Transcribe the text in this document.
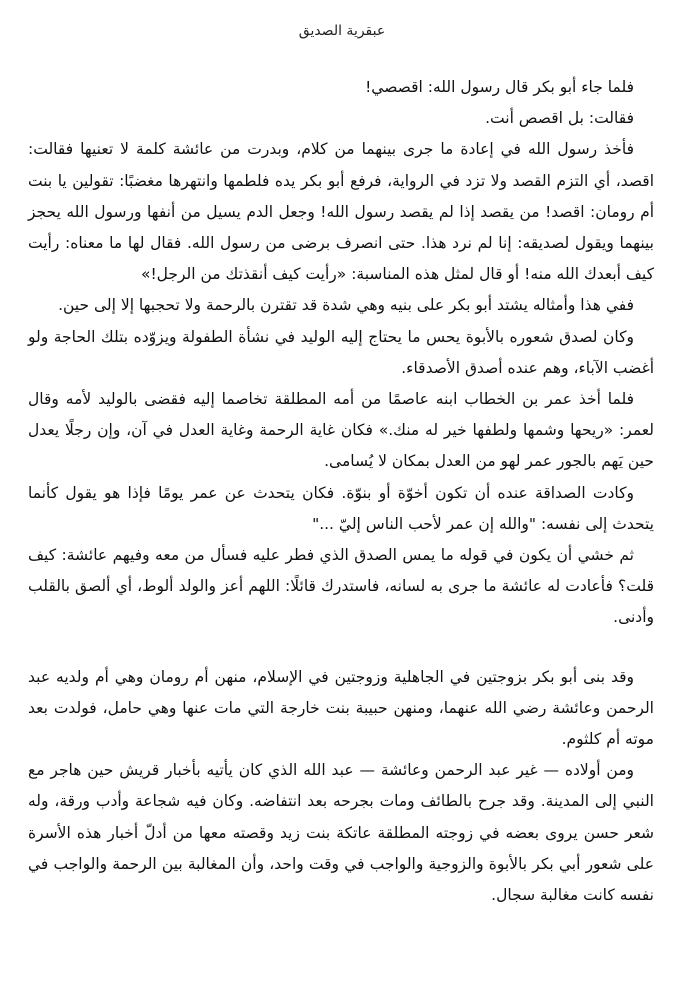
عبقرية الصديق

فلما جاء أبو بكر قال رسول الله: اقصصي!

فقالت: بل اقصص أنت.

فأخذ رسول الله في إعادة ما جرى بينهما من كلام، وبدرت من عائشة كلمة لا تعنيها فقالت: اقصد، أي التزم القصد ولا تزد في الرواية، فرفع أبو بكر يده فلطمها وانتهرها مغضبًا: تقولين يا بنت أم رومان: اقصد! من يقصد إذا لم يقصد رسول الله! وجعل الدم يسيل من أنفها ورسول الله يحجز بينهما ويقول لصديقه: إنا لم نرد هذا. حتى انصرف برضى من رسول الله. فقال لها ما معناه: رأيت كيف أبعدك الله منه! أو قال لمثل هذه المناسبة: «رأيت كيف أنقذتك من الرجل!»

ففي هذا وأمثاله يشتد أبو بكر على بنيه وهي شدة قد تقترن بالرحمة ولا تحجبها إلا إلى حين.

وكان لصدق شعوره بالأبوة يحس ما يحتاج إليه الوليد في نشأة الطفولة ويزوّده بتلك الحاجة ولو أغضب الآباء، وهم عنده أصدق الأصدقاء.

فلما أخذ عمر بن الخطاب ابنه عاصمًا من أمه المطلقة تخاصما إليه فقضى بالوليد لأمه وقال لعمر: «ريحها وشمها ولطفها خير له منك.» فكان غاية الرحمة وغاية العدل في آن، وإن رجلًا يعدل حين يَهم بالجور عمر لهو من العدل بمكان لا يُسامى.

وكادت الصداقة عنده أن تكون أخوّة أو بنوّة. فكان يتحدث عن عمر يومًا فإذا هو يقول كأنما يتحدث إلى نفسه: "والله إن عمر لأحب الناس إليّ ..."

ثم خشي أن يكون في قوله ما يمس الصدق الذي فطر عليه فسأل من معه وفيهم عائشة: كيف قلت؟ فأعادت له عائشة ما جرى به لسانه، فاستدرك قائلًا: اللهم أعز والولد ألوط، أي ألصق بالقلب وأدنى.

وقد بنى أبو بكر بزوجتين في الجاهلية وزوجتين في الإسلام، منهن أم رومان وهي أم ولديه عبد الرحمن وعائشة رضي الله عنهما، ومنهن حبيبة بنت خارجة التي مات عنها وهي حامل، فولدت بعد موته أم كلثوم.

ومن أولاده — غير عبد الرحمن وعائشة — عبد الله الذي كان يأتيه بأخبار قريش حين هاجر مع النبي إلى المدينة. وقد جرح بالطائف ومات بجرحه بعد انتفاضه. وكان فيه شجاعة وأدب ورقة، وله شعر حسن يروى بعضه في زوجته المطلقة عاتكة بنت زيد وقصته معها من أدلّ أخبار هذه الأسرة على شعور أبي بكر بالأبوة والزوجية والواجب في وقت واحد، وأن المغالبة بين الرحمة والواجب في نفسه كانت مغالبة سجال.
